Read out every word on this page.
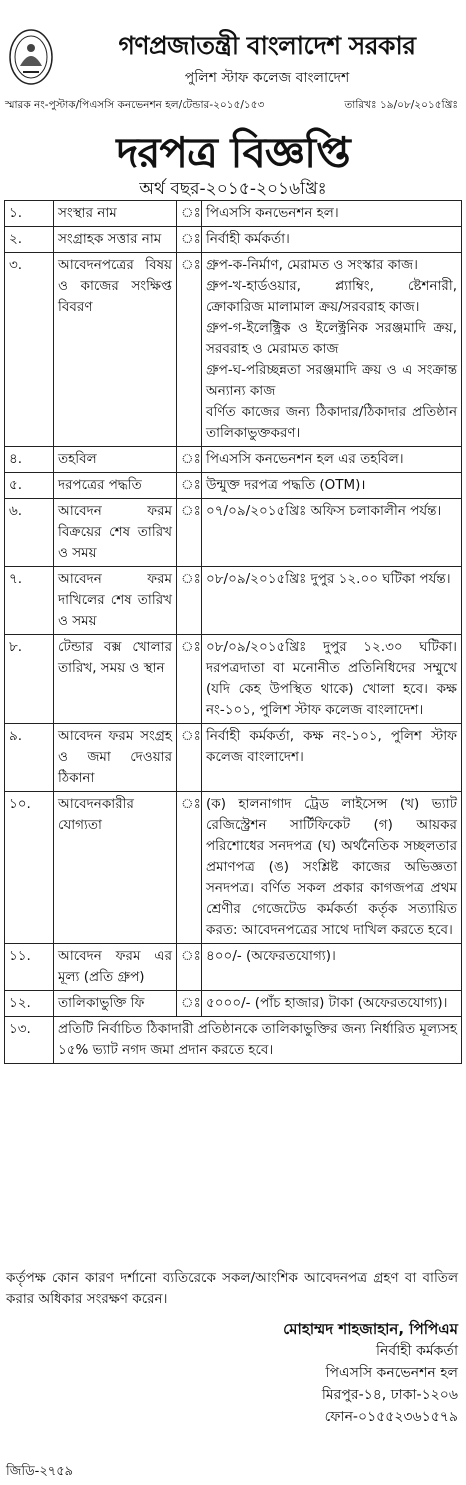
গণপ্রজাতন্ত্রী বাংলাদেশ সরকার
পুলিশ স্টাফ কলেজ বাংলাদেশ
স্মারক নং-পুস্টাক/পিএসসি কনভেনশন হল/টেন্ডার-২০১৫/১৫৩	তারিখঃ ১৯/০৮/২০১৫খ্রিঃ
দরপত্র বিজ্ঞপ্তি
অর্থ বছর-২০১৫-২০১৬খ্রিঃ
১.	সংস্থার নাম	ঃ	পিএসসি কনভেনশন হল।
২.	সংগ্রাহক সত্তার নাম	ঃ	নির্বাহী কর্মকর্তা।
৩.	আবেদনপত্রের বিষয় ও কাজের সংক্ষিপ্ত বিবরণ	ঃ	গ্রুপ-ক-নির্মাণ, মেরামত ও সংস্কার কাজ।
গ্রুপ-খ-হার্ডওয়ার, প্ল্যাম্বিং, ষ্টেশনারী, ক্রোকারিজ মালামাল ক্রয়/সরবরাহ কাজ।
গ্রুপ-গ-ইলেক্ট্রিক ও ইলেক্ট্রনিক সরঞ্জমাদি ক্রয়, সরবরাহ ও মেরামত কাজ
গ্রুপ-ঘ-পরিচ্ছন্নতা সরঞ্জমাদি ক্রয় ও এ সংক্রান্ত অন্যান্য কাজ
বর্ণিত কাজের জন্য ঠিকাদার/ঠিকাদার প্রতিষ্ঠান তালিকাভুক্তকরণ।
৪.	তহবিল	ঃ	পিএসসি কনভেনশন হল এর তহবিল।
৫.	দরপত্রের পদ্ধতি	ঃ	উন্মুক্ত দরপত্র পদ্ধতি (OTM)।
৬.	আবেদন ফরম বিক্রয়ের শেষ তারিখ ও সময়	ঃ	০৭/০৯/২০১৫খ্রিঃ অফিস চলাকালীন পর্যন্ত।
৭.	আবেদন ফরম দাখিলের শেষ তারিখ ও সময়	ঃ	০৮/০৯/২০১৫খ্রিঃ দুপুর ১২.০০ ঘটিকা পর্যন্ত।
৮.	টেন্ডার বক্স খোলার তারিখ, সময় ও স্থান	ঃ	০৮/০৯/২০১৫খ্রিঃ দুপুর ১২.৩০ ঘটিকা। দরপত্রদাতা বা মনোনীত প্রতিনিধিদের সম্মুখে (যদি কেহ উপস্থিত থাকে) খোলা হবে। কক্ষ নং-১০১, পুলিশ স্টাফ কলেজ বাংলাদেশ।
৯.	আবেদন ফরম সংগ্রহ ও জমা দেওয়ার ঠিকানা	ঃ	নির্বাহী কর্মকর্তা, কক্ষ নং-১০১, পুলিশ স্টাফ কলেজ বাংলাদেশ।
১০.	আবেদনকারীর যোগ্যতা	ঃ	(ক) হালনাগাদ ট্রেড লাইসেন্স (খ) ভ্যাট রেজিস্ট্রেশন সার্টিফিকেট (গ) আয়কর পরিশোধের সনদপত্র (ঘ) অর্থনৈতিক সচ্ছলতার প্রমাণপত্র (ঙ) সংশ্লিষ্ট কাজের অভিজ্ঞতা সনদপত্র। বর্ণিত সকল প্রকার কাগজপত্র প্রথম শ্রেণীর গেজেটেড কর্মকর্তা কর্তৃক সত্যায়িত করত: আবেদনপত্রের সাথে দাখিল করতে হবে।
১১.	আবেদন ফরম এর মূল্য (প্রতি গ্রুপ)	ঃ	৪০০/- (অফেরতযোগ্য)।
১২.	তালিকাভুক্তি ফি	ঃ	৫০০০/- (পাঁচ হাজার) টাকা (অফেরতযোগ্য)।
১৩.	প্রতিটি নির্বাচিত ঠিকাদারী প্রতিষ্ঠানকে তালিকাভুক্তির জন্য নির্ধারিত মূল্যসহ ১৫% ভ্যাট নগদ জমা প্রদান করতে হবে।		
কর্তৃপক্ষ কোন কারণ দর্শানো ব্যতিরেকে সকল/আংশিক আবেদনপত্র গ্রহণ বা বাতিল করার অধিকার সংরক্ষণ করেন।
মোহাম্মদ শাহজাহান, পিপিএম
নির্বাহী কর্মকর্তা
পিএসসি কনভেনশন হল
মিরপুর-১৪, ঢাকা-১২০৬
ফোন-০১৫৫২৩৬১৫৭৯
জিডি-২৭৫৯
